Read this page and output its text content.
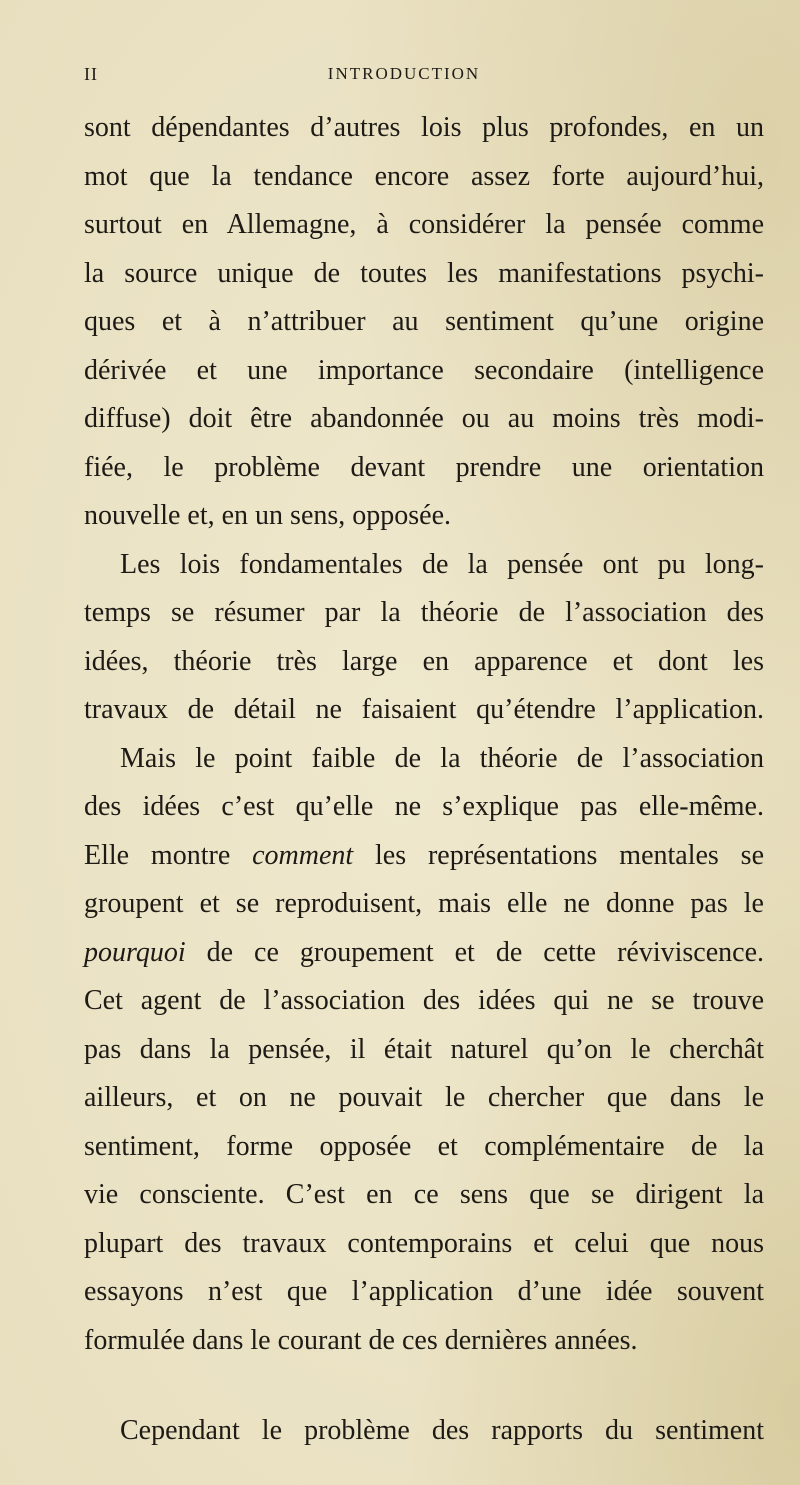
II	INTRODUCTION
sont dépendantes d’autres lois plus profondes, en un
mot que la tendance encore assez forte aujourd’hui,
surtout en Allemagne, à considérer la pensée comme
la source unique de toutes les manifestations psychi-
ques et à n’attribuer au sentiment qu’une origine
dérivée et une importance secondaire (intelligence
diffuse) doit être abandonnée ou au moins très modi-
fiée, le problème devant prendre une orientation
nouvelle et, en un sens, opposée.
Les lois fondamentales de la pensée ont pu long-
temps se résumer par la théorie de l’association des
idées, théorie très large en apparence et dont les
travaux de détail ne faisaient qu’étendre l’application.
Mais le point faible de la théorie de l’association
des idées c’est qu’elle ne s’explique pas elle-même.
Elle montre comment les représentations mentales se
groupent et se reproduisent, mais elle ne donne pas le
pourquoi de ce groupement et de cette réviviscence.
Cet agent de l’association des idées qui ne se trouve
pas dans la pensée, il était naturel qu’on le cherchât
ailleurs, et on ne pouvait le chercher que dans le
sentiment, forme opposée et complémentaire de la
vie consciente. C’est en ce sens que se dirigent la
plupart des travaux contemporains et celui que nous
essayons n’est que l’application d’une idée souvent
formulée dans le courant de ces dernières années.
Cependant le problème des rapports du sentiment
